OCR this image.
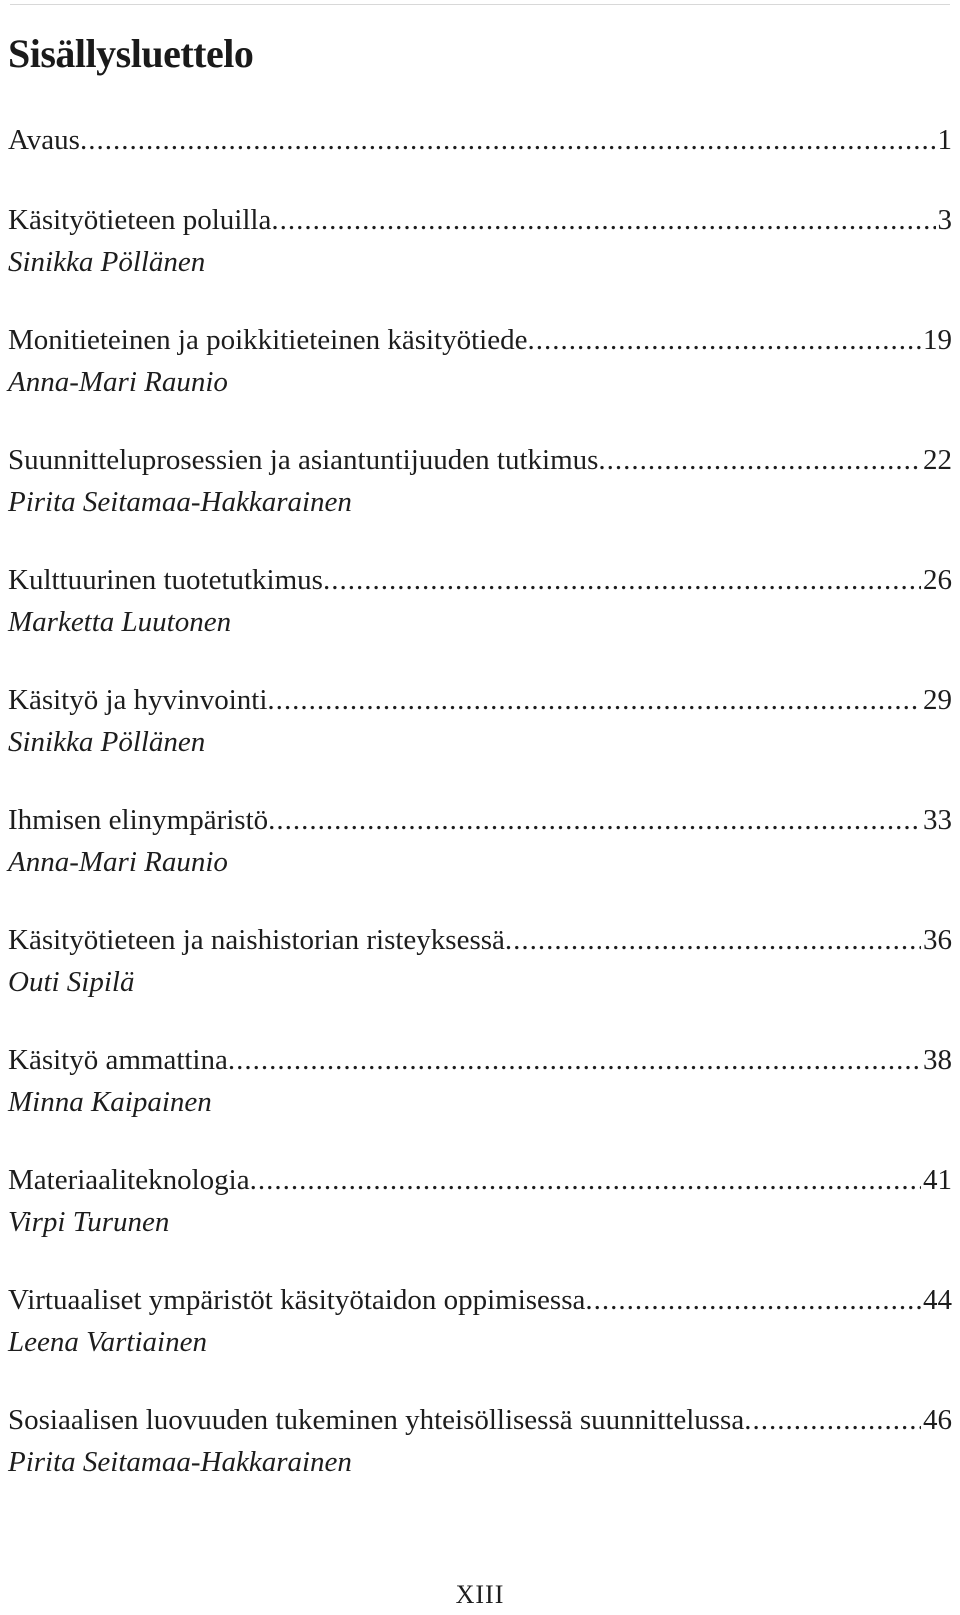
Sisällysluettelo
Avaus .....	1
Käsityötieteen poluilla .....	3
Sinikka Pöllänen
Monitieteinen ja poikkitieteinen käsityötiede .....	19
Anna-Mari Raunio
Suunnitteluprosessien ja asiantuntijuuden tutkimus .....	22
Pirita Seitamaa-Hakkarainen
Kulttuurinen tuotetutkimus .....	26
Marketta Luutonen
Käsityö ja hyvinvointi .....	29
Sinikka Pöllänen
Ihmisen elinympäristö .....	33
Anna-Mari Raunio
Käsityötieteen ja naishistorian risteyksessä .....	36
Outi Sipilä
Käsityö ammattina .....	38
Minna Kaipainen
Materiaaliteknologia .....	41
Virpi Turunen
Virtuaaliset ympäristöt käsityötaidon oppimisessa .....	44
Leena Vartiainen
Sosiaalisen luovuuden tukeminen yhteisöllisessä suunnittelussa .....	46
Pirita Seitamaa-Hakkarainen
XIII
